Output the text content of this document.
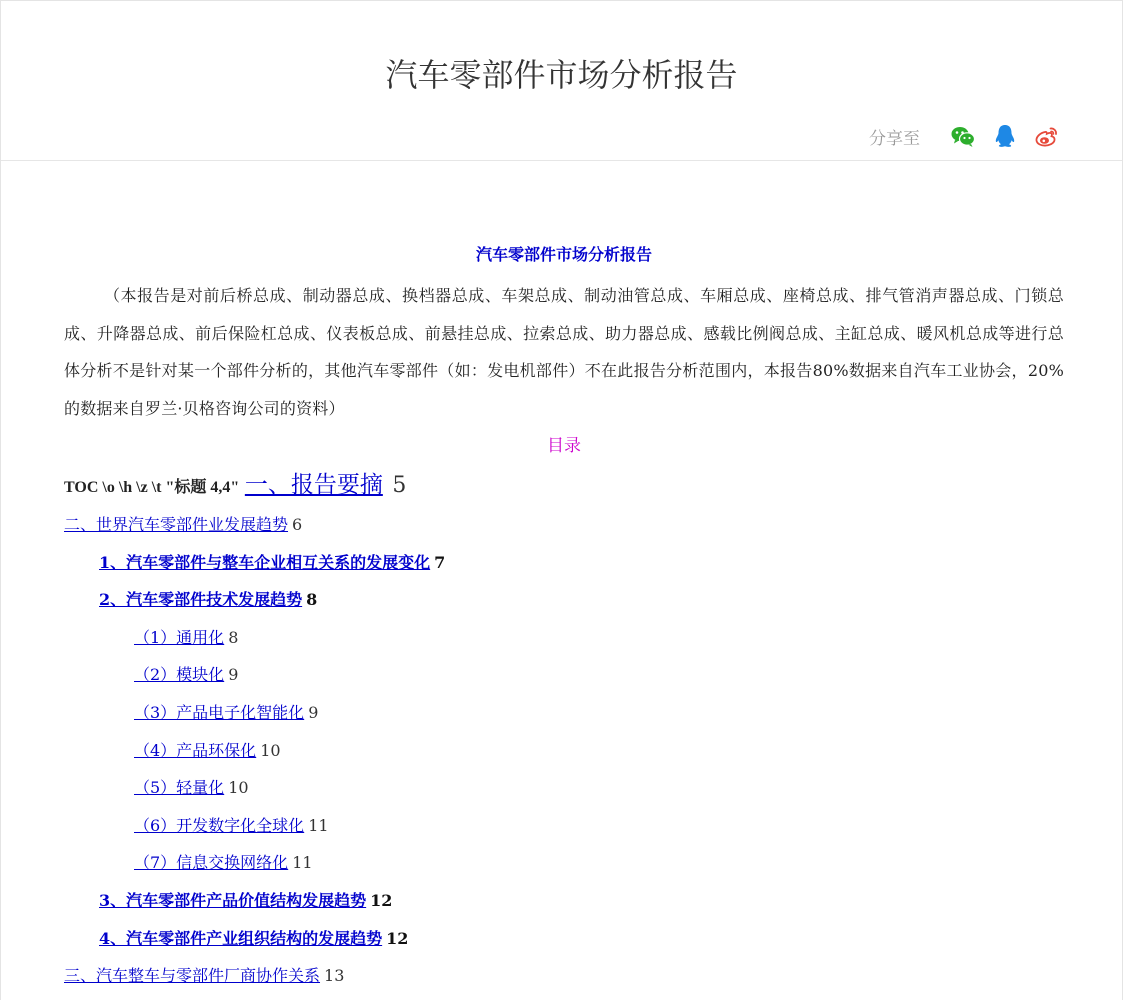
汽车零部件市场分析报告
分享至
汽车零部件市场分析报告

（本报告是对前后桥总成、制动器总成、换档器总成、车架总成、制动油管总成、车厢总成、座椅总成、排气管消声器总成、门锁总成、升降器总成、前后保险杠总成、仪表板总成、前悬挂总成、拉索总成、助力器总成、感载比例阀总成、主缸总成、暖风机总成等进行总体分析不是针对某一个部件分析的，其他汽车零部件（如：发电机部件）不在此报告分析范围内，本报告80%数据来自汽车工业协会，20%的数据来自罗兰·贝格咨询公司的资料）

目录
TOC \o \h \z \t "标题 4,4" 一、报告要摘 5
二、世界汽车零部件业发展趋势 6
1、汽车零部件与整车企业相互关系的发展变化 7
2、汽车零部件技术发展趋势 8
（1）通用化 8
（2）模块化 9
（3）产品电子化智能化 9
（4）产品环保化 10
（5）轻量化 10
（6）开发数字化全球化 11
（7）信息交换网络化 11
3、汽车零部件产品价值结构发展趋势 12
4、汽车零部件产业组织结构的发展趋势 12
三、汽车整车与零部件厂商协作关系 13
